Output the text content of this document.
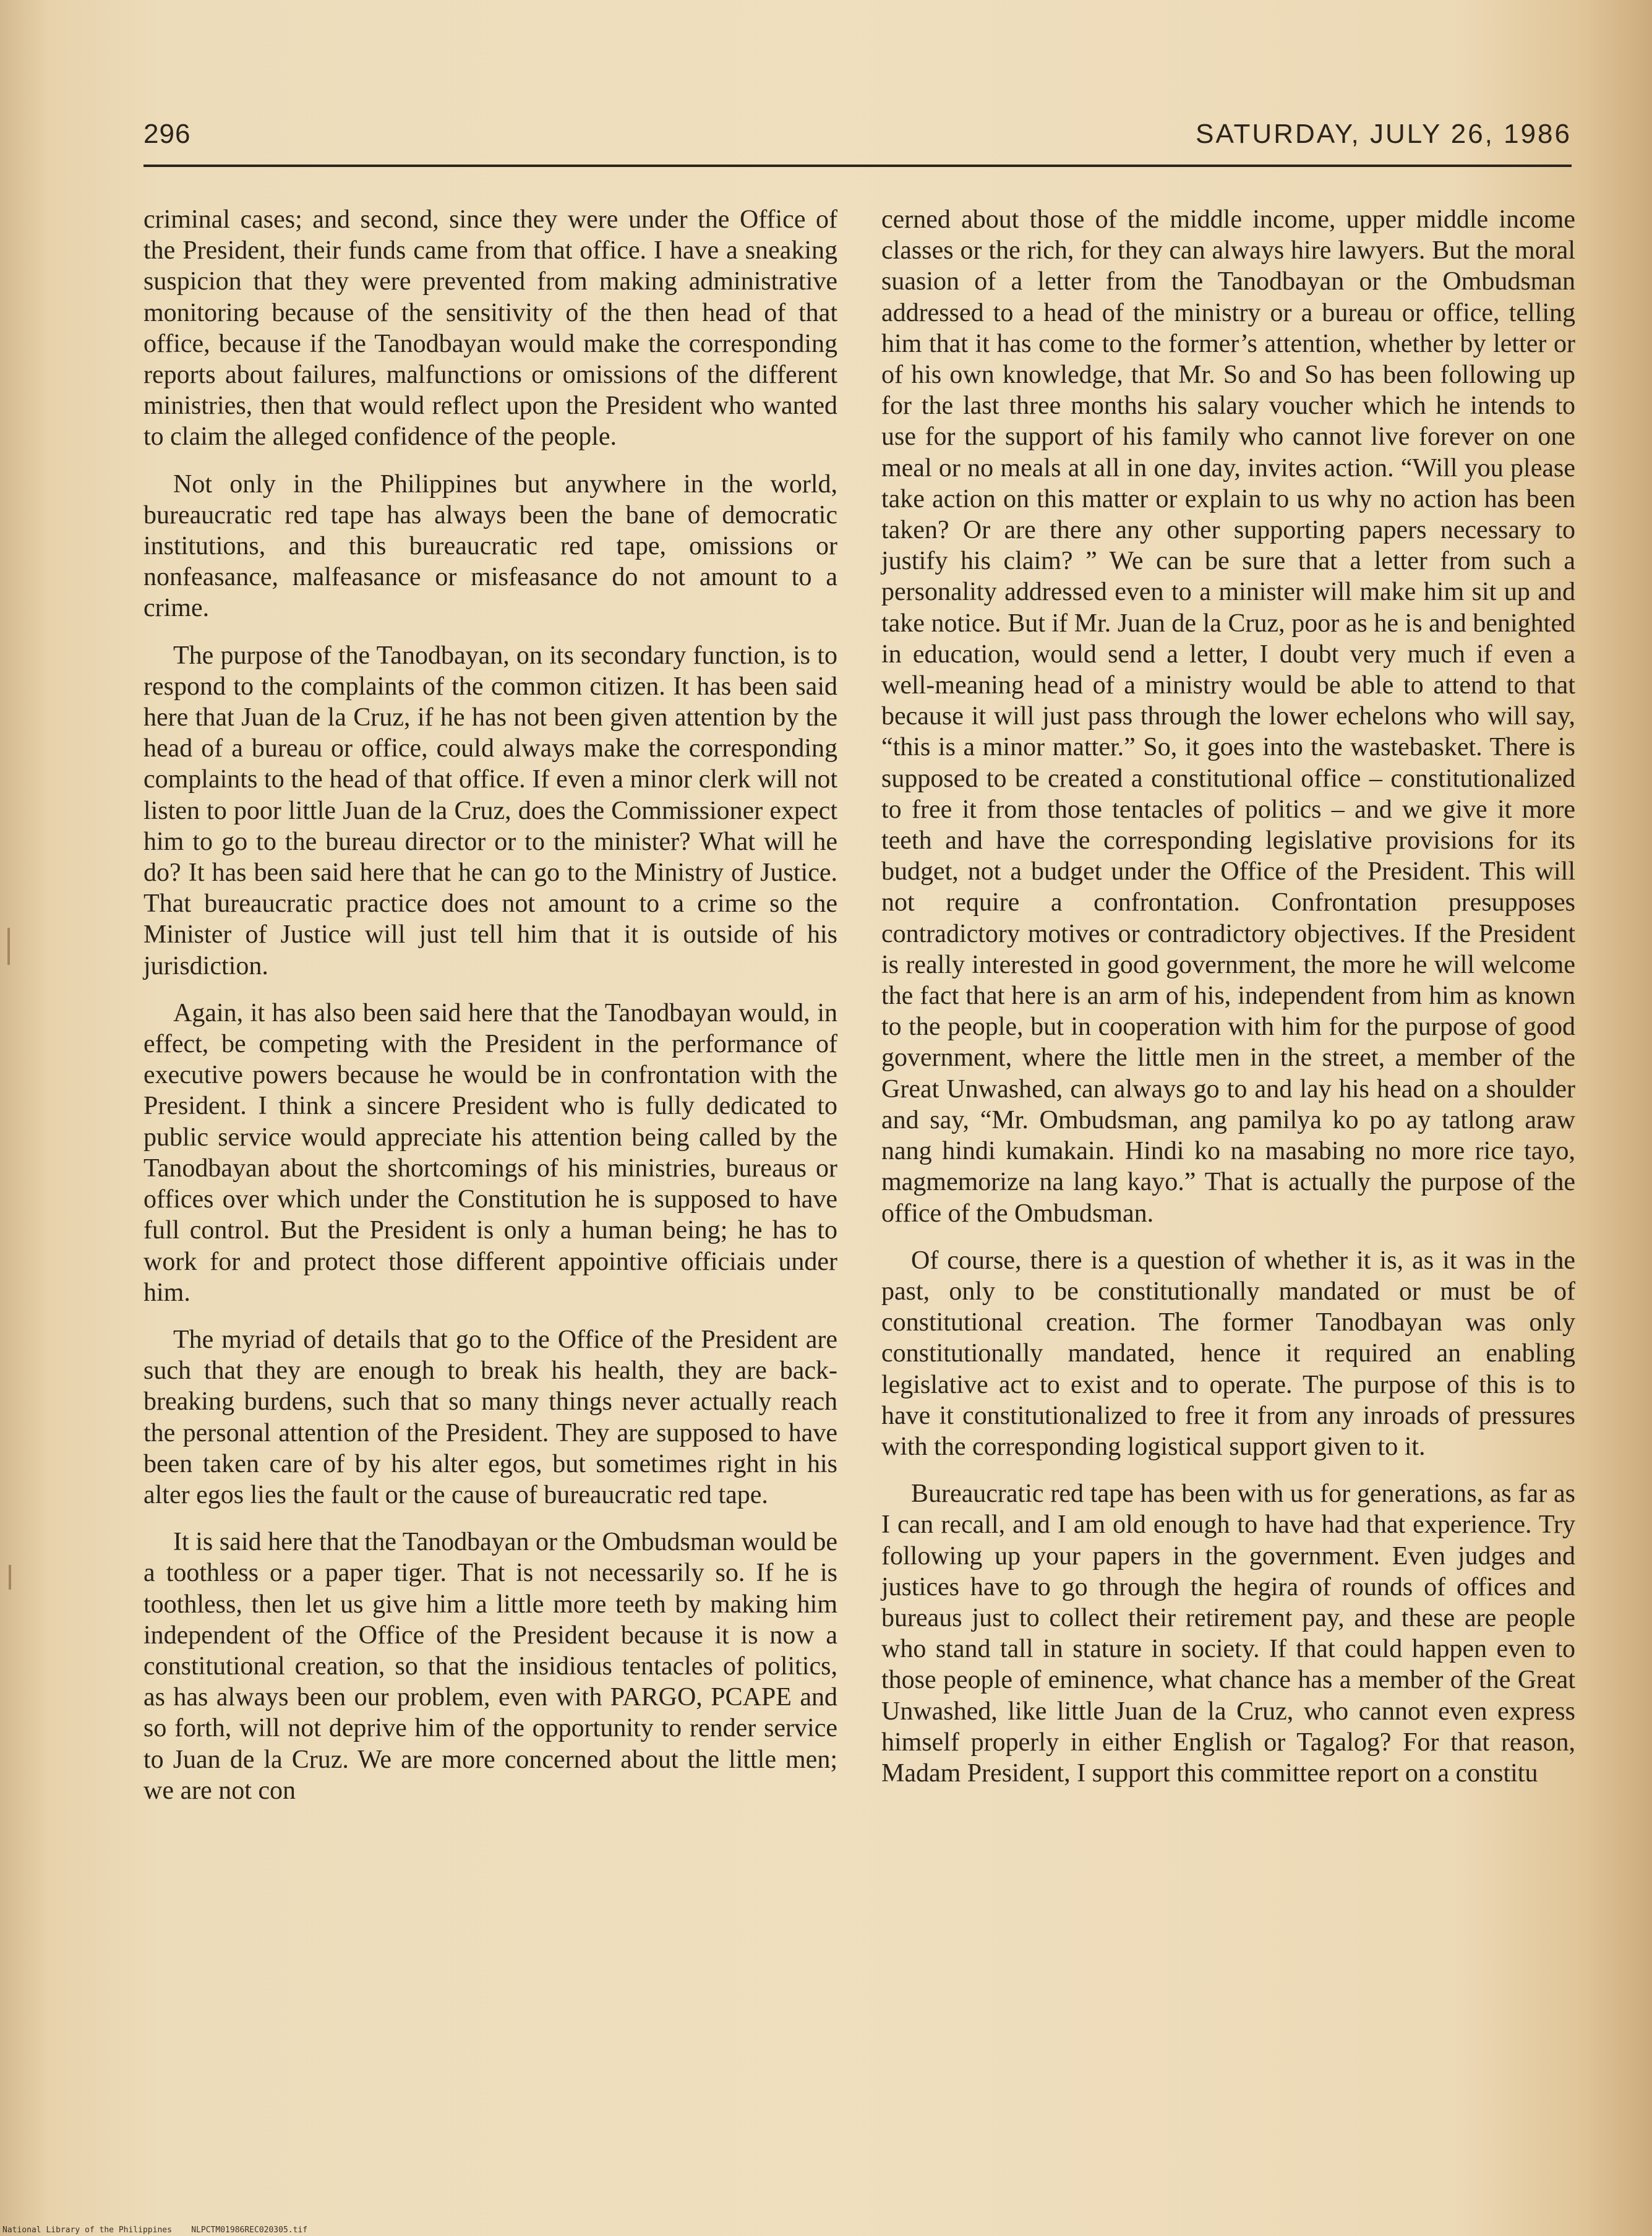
296	SATURDAY, JULY 26, 1986

criminal cases; and second, since they were under the Office of the President, their funds came from that office. I have a sneaking suspicion that they were prevented from making administrative monitoring because of the sensitivity of the then head of that office, because if the Tanodbayan would make the corresponding reports about failures, malfunctions or omissions of the different ministries, then that would reflect upon the President who wanted to claim the alleged confidence of the people.

Not only in the Philippines but anywhere in the world, bureaucratic red tape has always been the bane of democratic institutions, and this bureaucratic red tape, omissions or nonfeasance, malfeasance or misfeasance do not amount to a crime.

The purpose of the Tanodbayan, on its secondary function, is to respond to the complaints of the common citizen. It has been said here that Juan de la Cruz, if he has not been given attention by the head of a bureau or office, could always make the corresponding complaints to the head of that office. If even a minor clerk will not listen to poor little Juan de la Cruz, does the Commissioner expect him to go to the bureau director or to the minister? What will he do? It has been said here that he can go to the Ministry of Justice. That bureaucratic practice does not amount to a crime so the Minister of Justice will just tell him that it is outside of his jurisdiction.

Again, it has also been said here that the Tanodbayan would, in effect, be competing with the President in the performance of executive powers because he would be in confrontation with the President. I think a sincere President who is fully dedicated to public service would appreciate his attention being called by the Tanodbayan about the shortcomings of his ministries, bureaus or offices over which under the Constitution he is supposed to have full control. But the President is only a human being; he has to work for and protect those different appointive officiais under him.

The myriad of details that go to the Office of the President are such that they are enough to break his health, they are back-breaking burdens, such that so many things never actually reach the personal attention of the President. They are supposed to have been taken care of by his alter egos, but sometimes right in his alter egos lies the fault or the cause of bureaucratic red tape.

It is said here that the Tanodbayan or the Ombudsman would be a toothless or a paper tiger. That is not necessarily so. If he is toothless, then let us give him a little more teeth by making him independent of the Office of the President because it is now a constitutional creation, so that the insidious tentacles of politics, as has always been our problem, even with PARGO, PCAPE and so forth, will not deprive him of the opportunity to render service to Juan de la Cruz. We are more concerned about the little men; we are not con

cerned about those of the middle income, upper middle income classes or the rich, for they can always hire lawyers. But the moral suasion of a letter from the Tanodbayan or the Ombudsman addressed to a head of the ministry or a bureau or office, telling him that it has come to the former’s attention, whether by letter or of his own knowledge, that Mr. So and So has been following up for the last three months his salary voucher which he intends to use for the support of his family who cannot live forever on one meal or no meals at all in one day, invites action. “Will you please take action on this matter or explain to us why no action has been taken? Or are there any other supporting papers necessary to justify his claim? ” We can be sure that a letter from such a personality addressed even to a minister will make him sit up and take notice. But if Mr. Juan de la Cruz, poor as he is and benighted in education, would send a letter, I doubt very much if even a well-meaning head of a ministry would be able to attend to that because it will just pass through the lower echelons who will say, “this is a minor matter.” So, it goes into the wastebasket. There is supposed to be created a constitutional office – constitutionalized to free it from those tentacles of politics – and we give it more teeth and have the corresponding legislative provisions for its budget, not a budget under the Office of the President. This will not require a confrontation. Confrontation presupposes contradictory motives or contradictory objectives. If the President is really interested in good government, the more he will welcome the fact that here is an arm of his, independent from him as known to the people, but in cooperation with him for the purpose of good government, where the little men in the street, a member of the Great Unwashed, can always go to and lay his head on a shoulder and say, “Mr. Ombudsman, ang pamilya ko po ay tatlong araw nang hindi kumakain. Hindi ko na masabing no more rice tayo, magmemorize na lang kayo.” That is actually the purpose of the office of the Ombudsman.

Of course, there is a question of whether it is, as it was in the past, only to be constitutionally mandated or must be of constitutional creation. The former Tanodbayan was only constitutionally mandated, hence it required an enabling legislative act to exist and to operate. The purpose of this is to have it constitutionalized to free it from any inroads of pressures with the corresponding logistical support given to it.

Bureaucratic red tape has been with us for generations, as far as I can recall, and I am old enough to have had that experience. Try following up your papers in the government. Even judges and justices have to go through the hegira of rounds of offices and bureaus just to collect their retirement pay, and these are people who stand tall in stature in society. If that could happen even to those people of eminence, what chance has a member of the Great Unwashed, like little Juan de la Cruz, who cannot even express himself properly in either English or Tagalog? For that reason, Madam President, I support this committee report on a constitu

National Library of the Philippines NLPCTM01986REC020305.tif
